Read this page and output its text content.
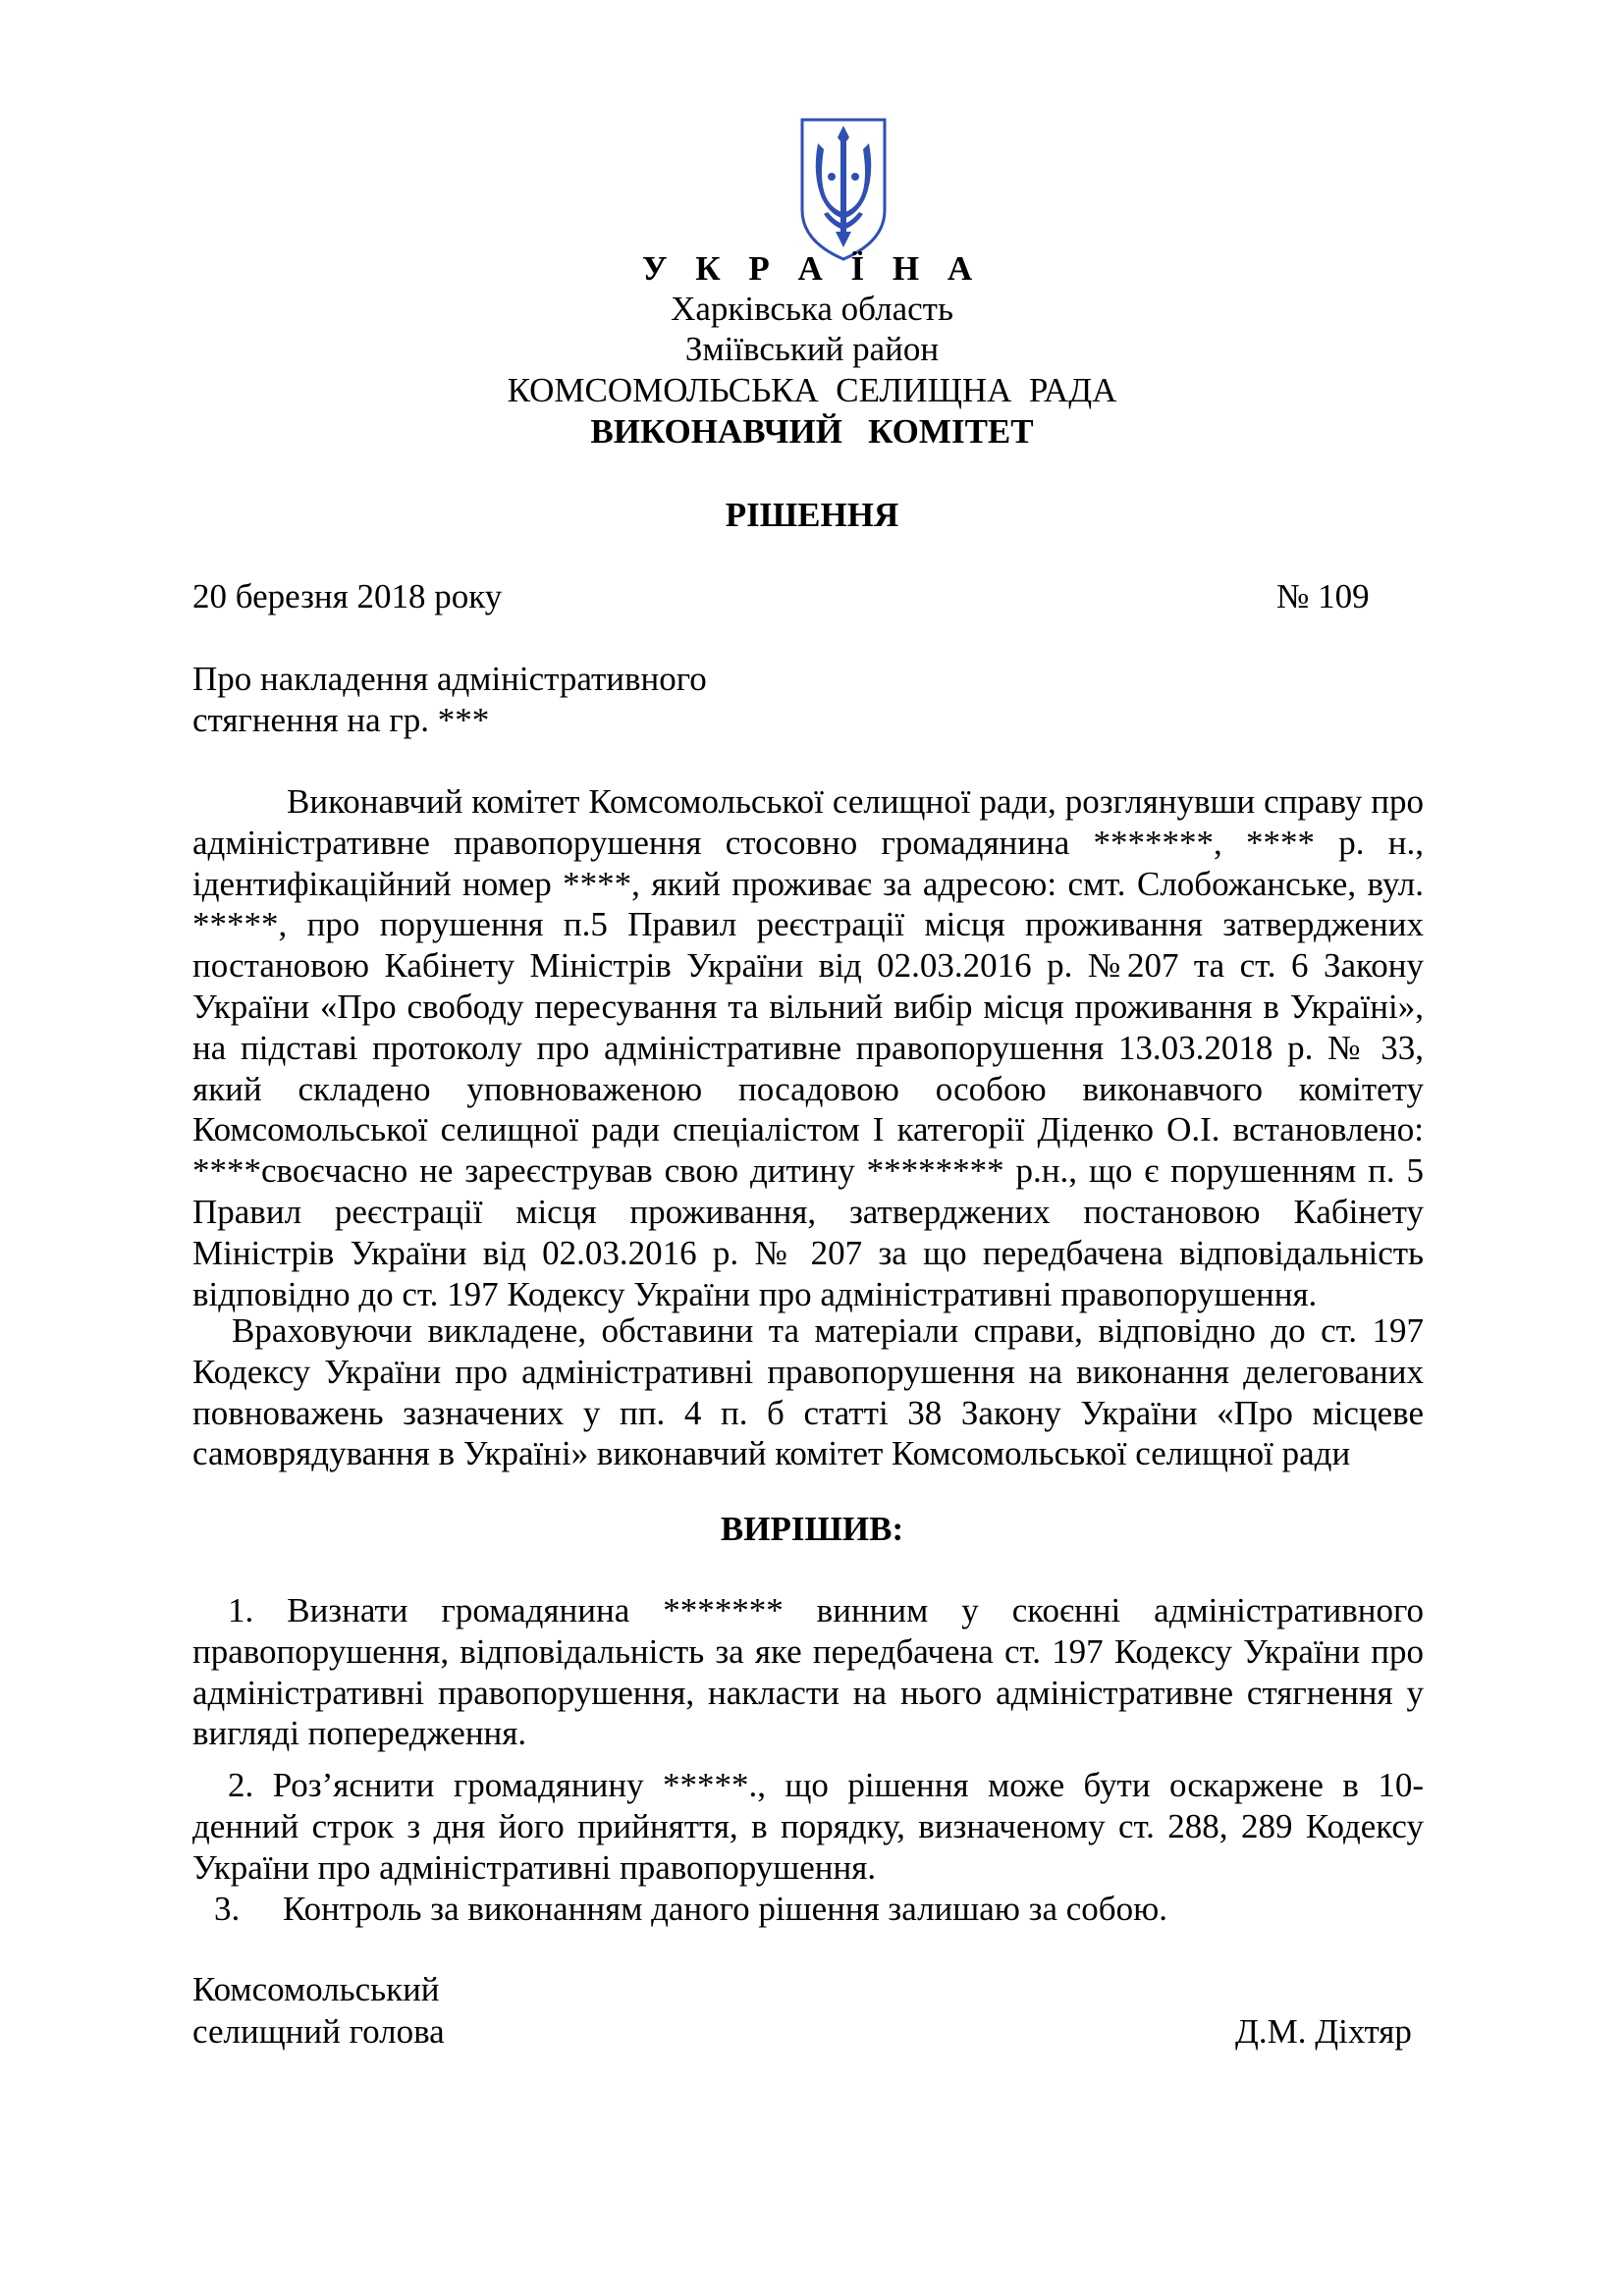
У К Р А Ї Н А
Харківська область
Зміївський район
КОМСОМОЛЬСЬКА  СЕЛИЩНА  РАДА
ВИКОНАВЧИЙ   КОМІТЕТ
РІШЕННЯ
20 березня 2018 року	№ 109
Про накладення адміністративного
стягнення на гр. ***
Виконавчий комітет Комсомольської селищної ради, розглянувши справу про адміністративне правопорушення стосовно громадянина *******, **** р. н., ідентифікаційний номер ****, який проживає за адресою: смт. Слобожанське, вул. *****, про порушення п.5 Правил реєстрації місця проживання затверджених постановою Кабінету Міністрів України від 02.03.2016 р. №207 та ст. 6 Закону України «Про свободу пересування та вільний вибір місця проживання в Україні», на підставі протоколу про адміністративне правопорушення 13.03.2018 р. № 33, який складено уповноваженою посадовою особою виконавчого комітету Комсомольської селищної ради спеціалістом І категорії Діденко О.І. встановлено: ****своєчасно не зареєстрував свою дитину ******** р.н., що є порушенням п. 5 Правил реєстрації місця проживання, затверджених постановою Кабінету Міністрів України від 02.03.2016 р. № 207 за що передбачена відповідальність відповідно до ст. 197 Кодексу України про адміністративні правопорушення.
Враховуючи викладене, обставини та матеріали справи, відповідно до ст. 197 Кодексу України про адміністративні правопорушення на виконання делегованих повноважень зазначених у пп. 4 п. б статті 38 Закону України «Про місцеве самоврядування в Україні» виконавчий комітет Комсомольської селищної ради
ВИРІШИВ:
1. Визнати громадянина ******* винним у скоєнні адміністративного правопорушення, відповідальність за яке передбачена ст. 197 Кодексу України про адміністративні правопорушення, накласти на нього адміністративне стягнення у вигляді попередження.
2. Роз’яснити громадянину *****., що рішення може бути оскаржене в 10-денний строк з дня його прийняття, в порядку, визначеному ст. 288, 289 Кодексу України про адміністративні правопорушення.
3.     Контроль за виконанням даного рішення залишаю за собою.
Комсомольський
селищний голова	Д.М. Діхтяр
